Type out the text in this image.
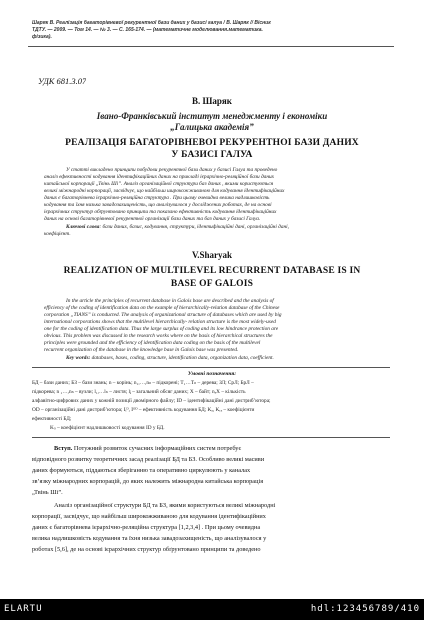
Шаряк В. Реалізація багаторівневої рекурентної бази даних у базисі галуа / В. Шаряк // Вісник
ТДТУ. — 2009. — Том 14. — № 3. — С. 165-174. — (математичне моделювання.математика.
фізика).
УДК 681.3.07
В. Шаряк
Івано-Франківський інститут менеджменту і економіки
„Галицька академія”
РЕАЛІЗАЦІЯ БАГАТОРІВНЕВОЇ РЕКУРЕНТНОЇ БАЗИ ДАНИХ
У БАЗИСІ ГАЛУА
У статті викладено принципи побудови рекурентної бази даних у базисі Галуа та проведено
аналіз ефективності кодування ідентифікаційних даних на прикладі ієрархічно-реляційної бази даних
китайської корпорації „Твінь Ші”. Аналіз організаційної структури баз даних , якими користуються
великі міжнародні корпорації, засвідчує, що найбільш широкожживаною для кодування ідентифікаційних
даних є багаторівнева ієрархічно-реляційна структура . При цьому очевидна велика надлишковість
кодування та їхня низька завадозахищеність, що аналізувалося у досліджених роботах, де на основі
ієрархічних структур обґрунтовано принципи та показано ефективність кодування ідентифікаційних
даних на основі багаторівневої рекурентної організації бази даних та баз даних у базисі Галуа.
Ключові слова: бази даних, базис, кодування, структури, ідентифікаційні дані, організаційні дані,
коефіцієнт.
V.Sharyak
REALIZATION OF MULTILEVEL RECURRENT DATABASE IS IN
BASE OF GALOIS
In the article the principles of recurrent database in Galois base are described and the analysis of
efficiency of the coding of identification data on the example of hierarchically-relation database of the Chinese
corporation „TIANS” is conducted. The analysis of organizational structure of databases which are used by big
international corporations shows that the multilevel hierarchically- relation structure is the most widely-used
one for the coding of identification data. Thus the large surplus of coding and its low hindrance protection are
obvious. This problem was discussed in the research works where on the basis of hierarchical structures the
principles were grounded and the efficiency of identification data coding on the basis of the multilevel
recurrent organization of the database in the knowledge base in Galois base was presented.
Key words: databases, bases, coding, structure, identification data, organization data, coefficient.
Умовні позначення:
БД – бази даних; БЗ – бази знань; n – корінь; n₁,…,nₙ – підкорені; T₁…Tₙ – дерева; ЗЛ; СрЛ; БрЛ –
підкорева; n ₁…,nₙ – вузли; l₁,…lₙ – листя; lⱼ – загальний обсяг даних; X – байт; nₓX – кількість
алфавітно-цифрових даних у кожній позиції двомірного файлу; ID – ідентифікаційні дані дистриб’юторa;
OD – організаційні дані дистриб’юторa; Iᵢᴰ, Iᴼᴰ – ефективність кодування БД; Kₓ, Kᵣₓ – коефіцієнти
ефективності БД;
Kₛ – коефіцієнт надлишковості кодування ID у БД.
Вступ. Потужний розвиток сучасних інформаційних систем потребує
відповідного розвитку теоретичних засад реалізації БД та БЗ. Особливо великі масиви
даних формуються, піддаються зберіганню та оперативно циркулюють у каналах
зв’язку міжнародних корпорацій, до яких належить міжнародна китайська корпорація
„Твінь Ші”.
Аналіз організаційної структури БД та БЗ, якими користуються великі міжнародні
корпорації, засвідчує, що найбільш широкожживаною для кодування ідентифікаційних
даних є багаторівнева ієрархічно-реляційна структура [1,2,3,4] . При цьому очевидна
велика надлишковість кодування та їхня низька завадозахищеність, що аналізувалося у
роботах [5,6], де на основі ієрархічних структур обґрунтовано принципи та доведено
ELARTU	hdl:123456789/410
